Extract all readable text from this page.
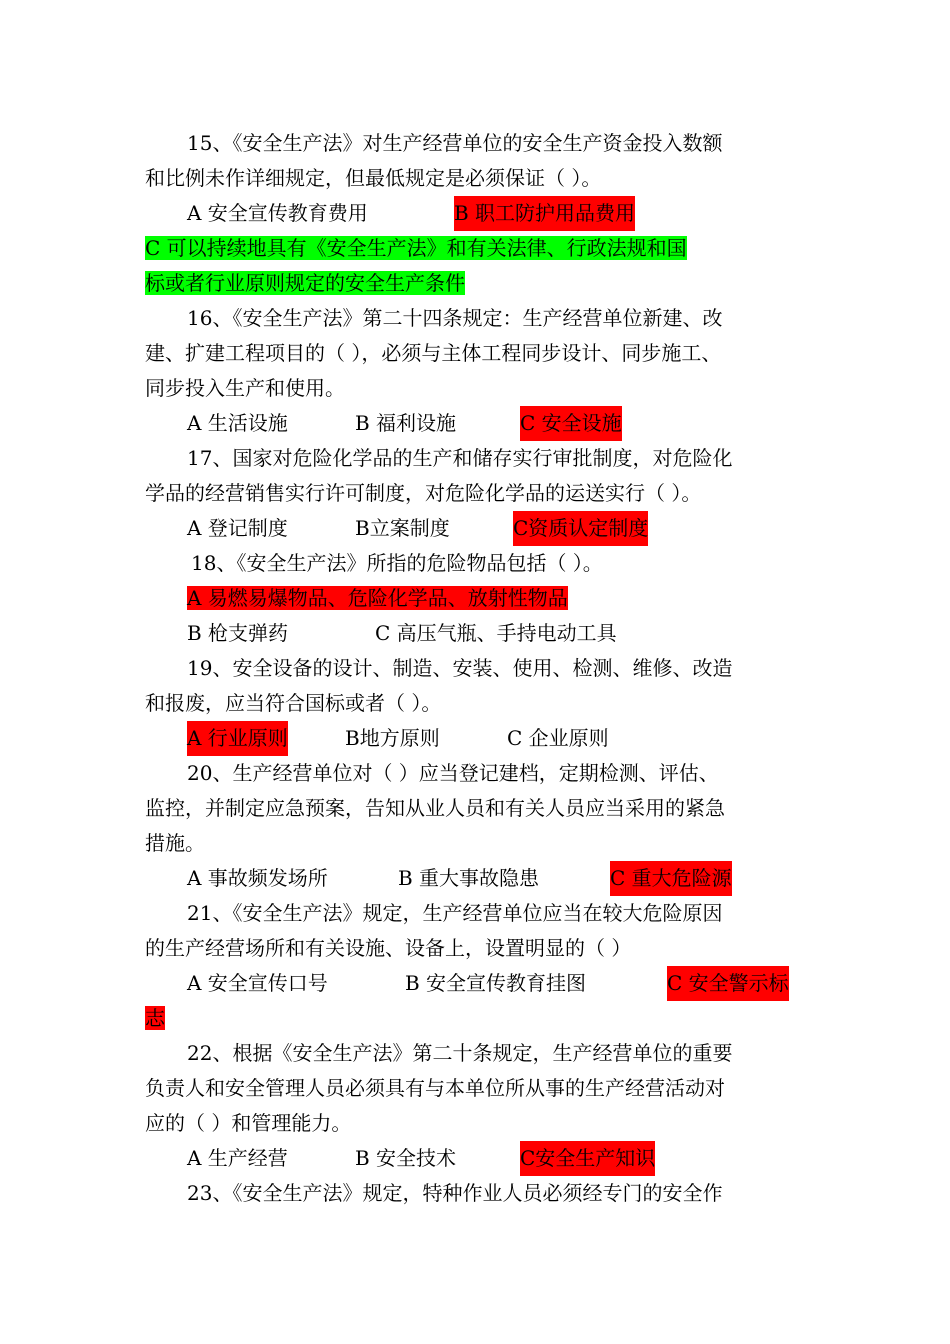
15、《安全生产法》对生产经营单位的安全生产资金投入数额
和比例未作详细规定，但最低规定是必须保证（ ）。
A 安全宣传教育费用	B 职工防护用品费用
C 可以持续地具有《安全生产法》和有关法律、行政法规和国
标或者行业原则规定的安全生产条件
16、《安全生产法》第二十四条规定：生产经营单位新建、改
建、扩建工程项目的（ ），必须与主体工程同步设计、同步施工、
同步投入生产和使用。
A 生活设施	B 福利设施	C 安全设施
17、国家对危险化学品的生产和储存实行审批制度，对危险化
学品的经营销售实行许可制度，对危险化学品的运送实行（ ）。
A 登记制度	B立案制度	C资质认定制度
18、《安全生产法》所指的危险物品包括（ ）。
A 易燃易爆物品、危险化学品、放射性物品
B 枪支弹药	C 高压气瓶、手持电动工具
19、安全设备的设计、制造、安装、使用、检测、维修、改造
和报废，应当符合国标或者（ ）。
A 行业原则	B地方原则	C 企业原则
20、生产经营单位对（ ）应当登记建档，定期检测、评估、
监控，并制定应急预案，告知从业人员和有关人员应当采用的紧急
措施。
A 事故频发场所	B 重大事故隐患	C 重大危险源
21、《安全生产法》规定，生产经营单位应当在较大危险原因
的生产经营场所和有关设施、设备上，设置明显的（ ）
A 安全宣传口号	B 安全宣传教育挂图	C 安全警示标
志
22、根据《安全生产法》第二十条规定，生产经营单位的重要
负责人和安全管理人员必须具有与本单位所从事的生产经营活动对
应的（ ）和管理能力。
A 生产经营	B 安全技术	C安全生产知识
23、《安全生产法》规定，特种作业人员必须经专门的安全作
